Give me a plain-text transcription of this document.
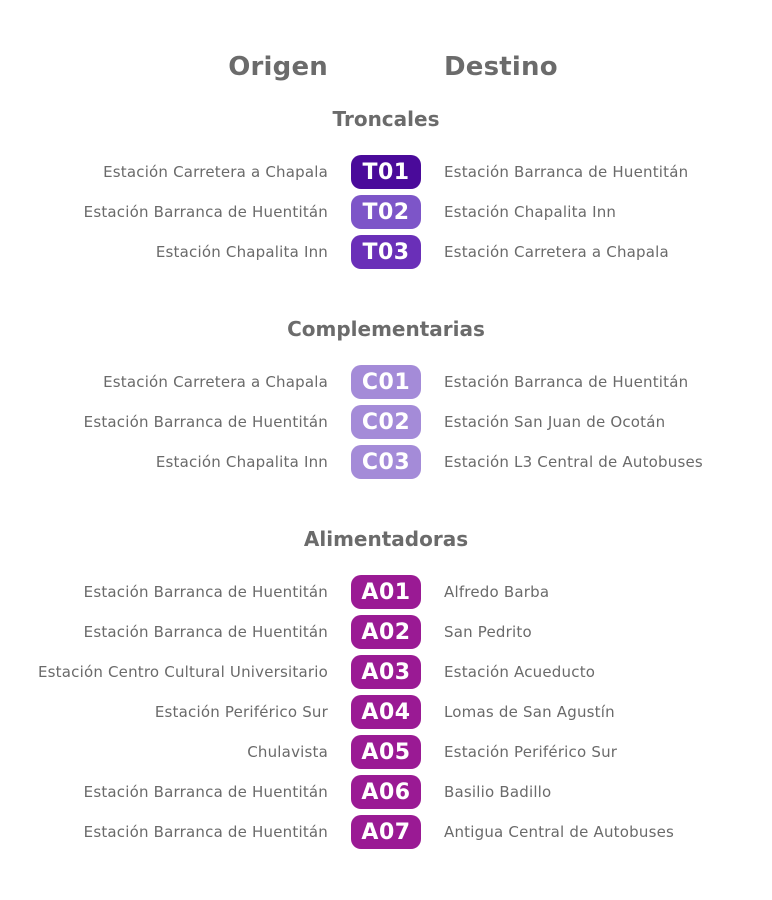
Origen	Destino
Troncales
Estación Carretera a Chapala	T01	Estación Barranca de Huentitán
Estación Barranca de Huentitán	T02	Estación Chapalita Inn
Estación Chapalita Inn	T03	Estación Carretera a Chapala
Complementarias
Estación Carretera a Chapala	C01	Estación Barranca de Huentitán
Estación Barranca de Huentitán	C02	Estación San Juan de Ocotán
Estación Chapalita Inn	C03	Estación L3 Central de Autobuses
Alimentadoras
Estación Barranca de Huentitán	A01	Alfredo Barba
Estación Barranca de Huentitán	A02	San Pedrito
Estación Centro Cultural Universitario	A03	Estación Acueducto
Estación Periférico Sur	A04	Lomas de San Agustín
Chulavista	A05	Estación Periférico Sur
Estación Barranca de Huentitán	A06	Basilio Badillo
Estación Barranca de Huentitán	A07	Antigua Central de Autobuses
